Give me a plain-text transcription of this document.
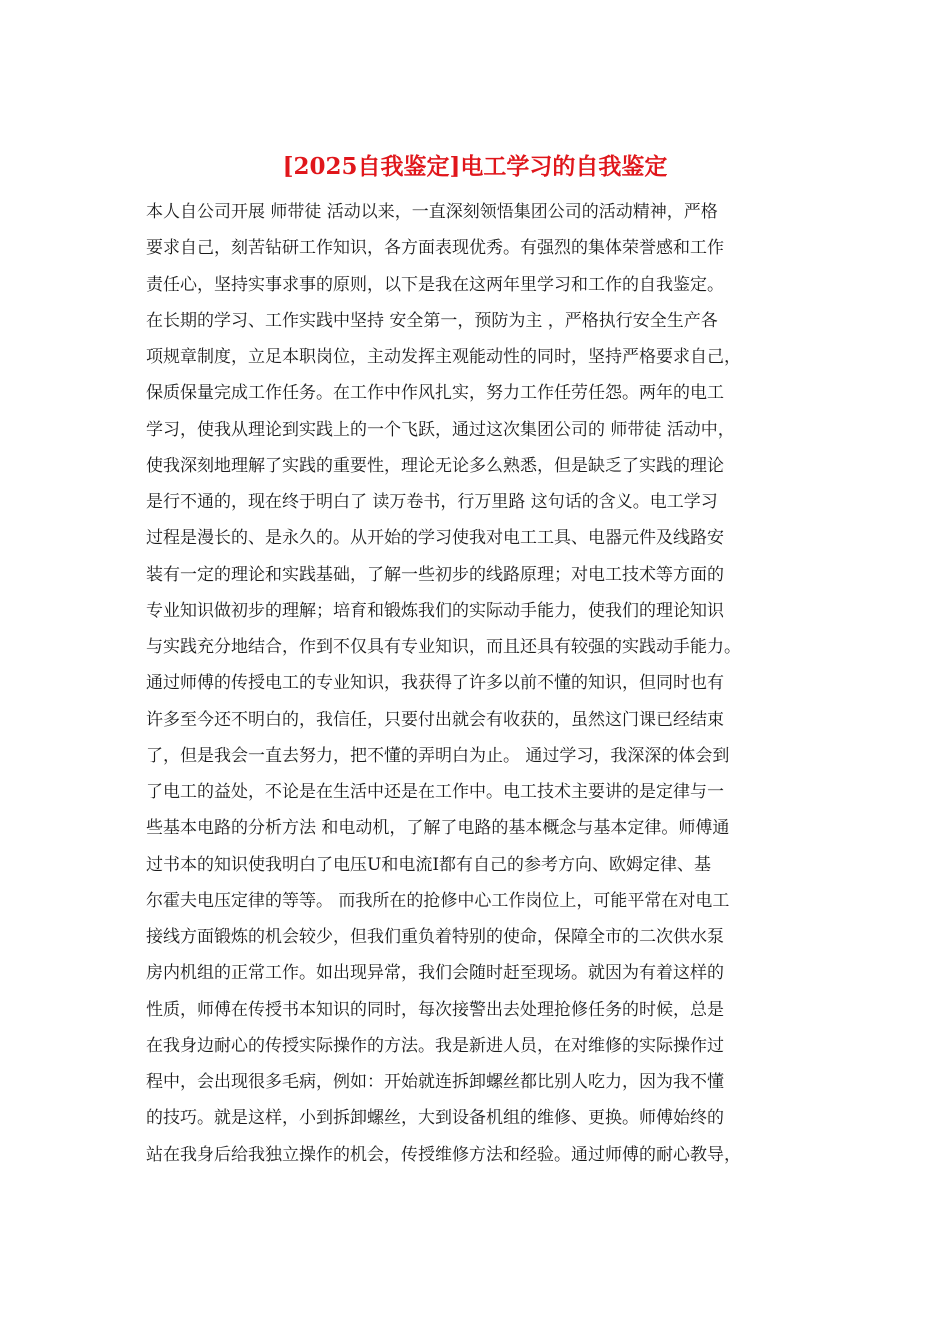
[2025自我鉴定]电工学习的自我鉴定
本人自公司开展 师带徒 活动以来，一直深刻领悟集团公司的活动精神，严格
要求自己，刻苦钻研工作知识，各方面表现优秀。有强烈的集体荣誉感和工作
责任心，坚持实事求事的原则，以下是我在这两年里学习和工作的自我鉴定。
在长期的学习、工作实践中坚持 安全第一，预防为主 ，严格执行安全生产各
项规章制度，立足本职岗位，主动发挥主观能动性的同时，坚持严格要求自己，
保质保量完成工作任务。在工作中作风扎实，努力工作任劳任怨。两年的电工
学习，使我从理论到实践上的一个飞跃，通过这次集团公司的 师带徒 活动中，
使我深刻地理解了实践的重要性，理论无论多么熟悉，但是缺乏了实践的理论
是行不通的，现在终于明白了 读万卷书，行万里路 这句话的含义。电工学习
过程是漫长的、是永久的。从开始的学习使我对电工工具、电器元件及线路安
装有一定的理论和实践基础，了解一些初步的线路原理；对电工技术等方面的
专业知识做初步的理解；培育和锻炼我们的实际动手能力，使我们的理论知识
与实践充分地结合，作到不仅具有专业知识，而且还具有较强的实践动手能力。
通过师傅的传授电工的专业知识，我获得了许多以前不懂的知识，但同时也有
许多至今还不明白的，我信任，只要付出就会有收获的，虽然这门课已经结束
了，但是我会一直去努力，把不懂的弄明白为止。 通过学习，我深深的体会到
了电工的益处，不论是在生活中还是在工作中。电工技术主要讲的是定律与一
些基本电路的分析方法 和电动机，了解了电路的基本概念与基本定律。师傅通
过书本的知识使我明白了电压U和电流I都有自己的参考方向、欧姆定律、基
尔霍夫电压定律的等等。 而我所在的抢修中心工作岗位上，可能平常在对电工
接线方面锻炼的机会较少，但我们重负着特别的使命，保障全市的二次供水泵
房内机组的正常工作。如出现异常，我们会随时赶至现场。就因为有着这样的
性质，师傅在传授书本知识的同时，每次接警出去处理抢修任务的时候，总是
在我身边耐心的传授实际操作的方法。我是新进人员，在对维修的实际操作过
程中，会出现很多毛病，例如：开始就连拆卸螺丝都比别人吃力，因为我不懂
的技巧。就是这样，小到拆卸螺丝，大到设备机组的维修、更换。师傅始终的
站在我身后给我独立操作的机会，传授维修方法和经验。通过师傅的耐心教导，
